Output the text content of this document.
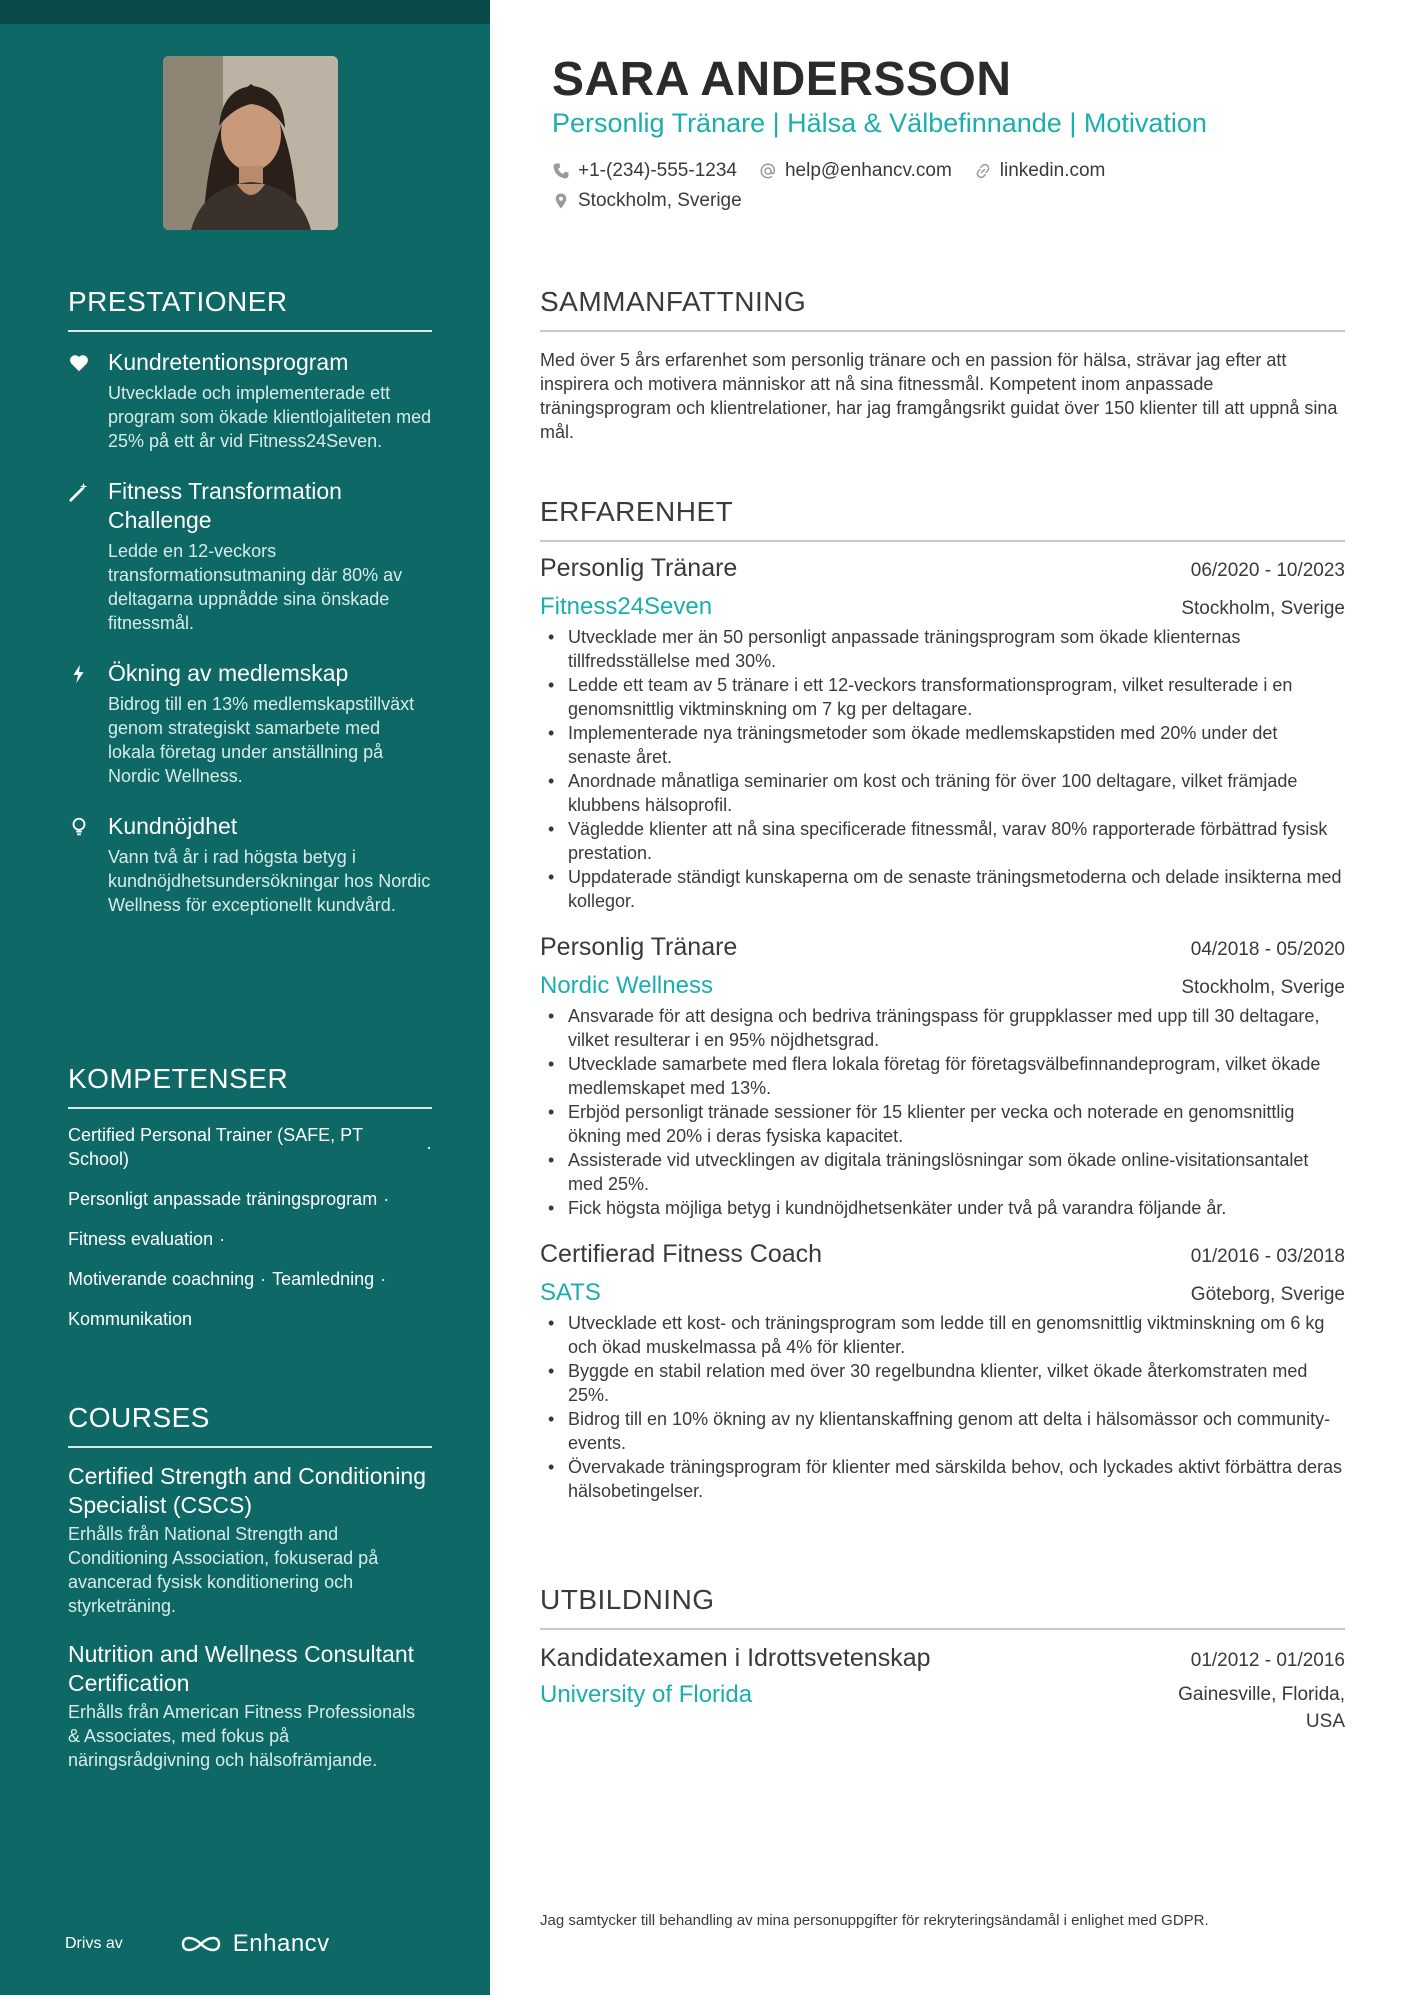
PRESTATIONER
Kundretentionsprogram
Utvecklade och implementerade ett program som ökade klientlojaliteten med 25% på ett år vid Fitness24Seven.
Fitness Transformation Challenge
Ledde en 12-veckors transformationsutmaning där 80% av deltagarna uppnådde sina önskade fitnessmål.
Ökning av medlemskap
Bidrog till en 13% medlemskapstillväxt genom strategiskt samarbete med lokala företag under anställning på Nordic Wellness.
Kundnöjdhet
Vann två år i rad högsta betyg i kundnöjdhetsundersökningar hos Nordic Wellness för exceptionellt kundvård.
KOMPETENSER
Certified Personal Trainer (SAFE, PT School)
·
Personligt anpassade träningsprogram ·
Fitness evaluation ·
Motiverande coachning · Teamledning ·
Kommunikation
COURSES
Certified Strength and Conditioning Specialist (CSCS)
Erhålls från National Strength and Conditioning Association, fokuserad på avancerad fysisk konditionering och styrketräning.
Nutrition and Wellness Consultant Certification
Erhålls från American Fitness Professionals & Associates, med fokus på näringsrådgivning och hälsofrämjande.
Drivs av	Enhancv
SARA ANDERSSON
Personlig Tränare | Hälsa & Välbefinnande | Motivation
+1-(234)-555-1234	help@enhancv.com	linkedin.com
Stockholm, Sverige
SAMMANFATTNING
Med över 5 års erfarenhet som personlig tränare och en passion för hälsa, strävar jag efter att inspirera och motivera människor att nå sina fitnessmål. Kompetent inom anpassade träningsprogram och klientrelationer, har jag framgångsrikt guidat över 150 klienter till att uppnå sina mål.
ERFARENHET
Personlig Tränare	06/2020 - 10/2023
Fitness24Seven	Stockholm, Sverige
• Utvecklade mer än 50 personligt anpassade träningsprogram som ökade klienternas tillfredsställelse med 30%.
• Ledde ett team av 5 tränare i ett 12-veckors transformationsprogram, vilket resulterade i en genomsnittlig viktminskning om 7 kg per deltagare.
• Implementerade nya träningsmetoder som ökade medlemskapstiden med 20% under det senaste året.
• Anordnade månatliga seminarier om kost och träning för över 100 deltagare, vilket främjade klubbens hälsoprofil.
• Vägledde klienter att nå sina specificerade fitnessmål, varav 80% rapporterade förbättrad fysisk prestation.
• Uppdaterade ständigt kunskaperna om de senaste träningsmetoderna och delade insikterna med kollegor.
Personlig Tränare	04/2018 - 05/2020
Nordic Wellness	Stockholm, Sverige
• Ansvarade för att designa och bedriva träningspass för gruppklasser med upp till 30 deltagare, vilket resulterar i en 95% nöjdhetsgrad.
• Utvecklade samarbete med flera lokala företag för företagsvälbefinnandeprogram, vilket ökade medlemskapet med 13%.
• Erbjöd personligt tränade sessioner för 15 klienter per vecka och noterade en genomsnittlig ökning med 20% i deras fysiska kapacitet.
• Assisterade vid utvecklingen av digitala träningslösningar som ökade online-visitationsantalet med 25%.
• Fick högsta möjliga betyg i kundnöjdhetsenkäter under två på varandra följande år.
Certifierad Fitness Coach	01/2016 - 03/2018
SATS	Göteborg, Sverige
• Utvecklade ett kost- och träningsprogram som ledde till en genomsnittlig viktminskning om 6 kg och ökad muskelmassa på 4% för klienter.
• Byggde en stabil relation med över 30 regelbundna klienter, vilket ökade återkomstraten med 25%.
• Bidrog till en 10% ökning av ny klientanskaffning genom att delta i hälsomässor och community-events.
• Övervakade träningsprogram för klienter med särskilda behov, och lyckades aktivt förbättra deras hälsobetingelser.
UTBILDNING
Kandidatexamen i Idrottsvetenskap	01/2012 - 01/2016
University of Florida	Gainesville, Florida,
USA
Jag samtycker till behandling av mina personuppgifter för rekryteringsändamål i enlighet med GDPR.
